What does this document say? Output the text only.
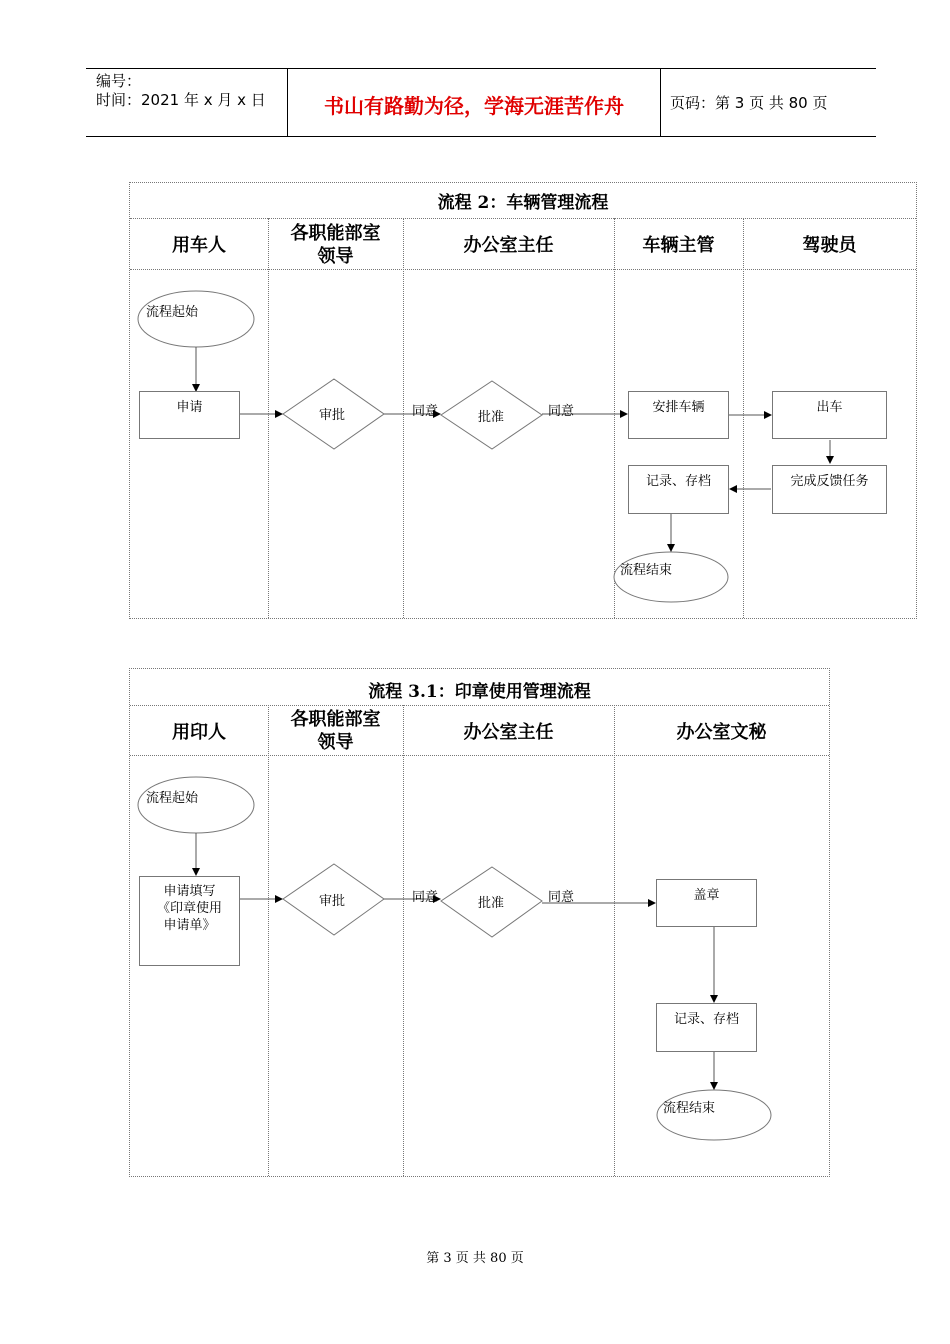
编号：
时间：2021 年 x 月 x 日	书山有路勤为径，学海无涯苦作舟	页码：第 3 页 共 80 页
流程 2：车辆管理流程
用车人
各职能部室
领导
办公室主任	车辆主管	驾驶员
流程起始
申请
审批	同意	批准	同意	安排车辆	出车
完成反馈任务
记录、存档
流程结束
流程 3.1：印章使用管理流程
用印人
各职能部室
领导	办公室主任	办公室文秘
流程起始
申请填写
《印章使用
申请单》
审批	同意	批准	同意	盖章
记录、存档
流程结束
第 3 页 共 80 页
